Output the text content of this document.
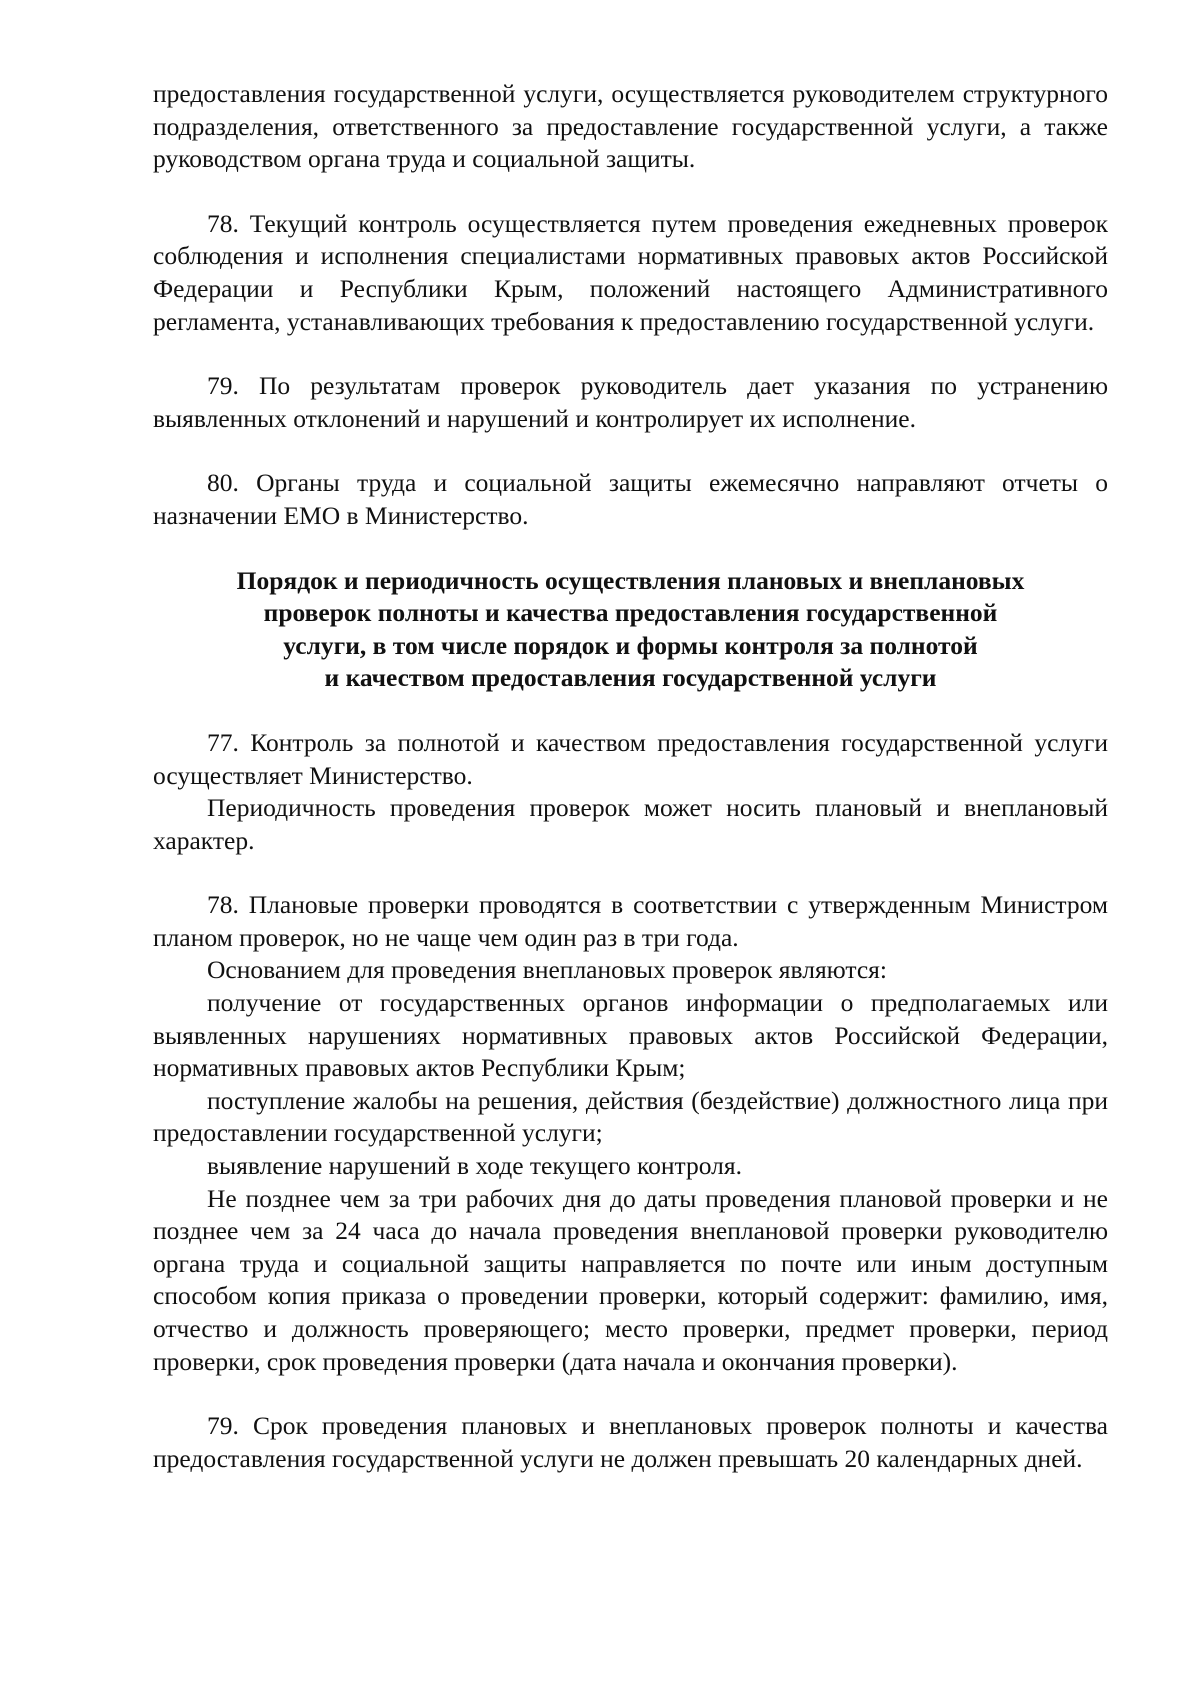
предоставления государственной услуги, осуществляется руководителем структурного подразделения, ответственного за предоставление государственной услуги, а также руководством органа труда и социальной защиты.

78. Текущий контроль осуществляется путем проведения ежедневных проверок соблюдения и исполнения специалистами нормативных правовых актов Российской Федерации и Республики Крым, положений настоящего Административного регламента, устанавливающих требования к предоставлению государственной услуги.

79. По результатам проверок руководитель дает указания по устранению выявленных отклонений и нарушений и контролирует их исполнение.

80. Органы труда и социальной защиты ежемесячно направляют отчеты о назначении ЕМО в Министерство.

Порядок и периодичность осуществления плановых и внеплановых

проверок полноты и качества предоставления государственной

услуги, в том числе порядок и формы контроля за полнотой

и качеством предоставления государственной услуги

77. Контроль за полнотой и качеством предоставления государственной услуги осуществляет Министерство.

Периодичность проведения проверок может носить плановый и внеплановый характер.

78. Плановые проверки проводятся в соответствии с утвержденным Министром планом проверок, но не чаще чем один раз в три года.

Основанием для проведения внеплановых проверок являются:

получение от государственных органов информации о предполагаемых или выявленных нарушениях нормативных правовых актов Российской Федерации, нормативных правовых актов Республики Крым;

поступление жалобы на решения, действия (бездействие) должностного лица при предоставлении государственной услуги;

выявление нарушений в ходе текущего контроля.

Не позднее чем за три рабочих дня до даты проведения плановой проверки и не позднее чем за 24 часа до начала проведения внеплановой проверки руководителю органа труда и социальной защиты направляется по почте или иным доступным способом копия приказа о проведении проверки, который содержит: фамилию, имя, отчество и должность проверяющего; место проверки, предмет проверки, период проверки, срок проведения проверки (дата начала и окончания проверки).

79. Срок проведения плановых и внеплановых проверок полноты и качества предоставления государственной услуги не должен превышать 20 календарных дней.
